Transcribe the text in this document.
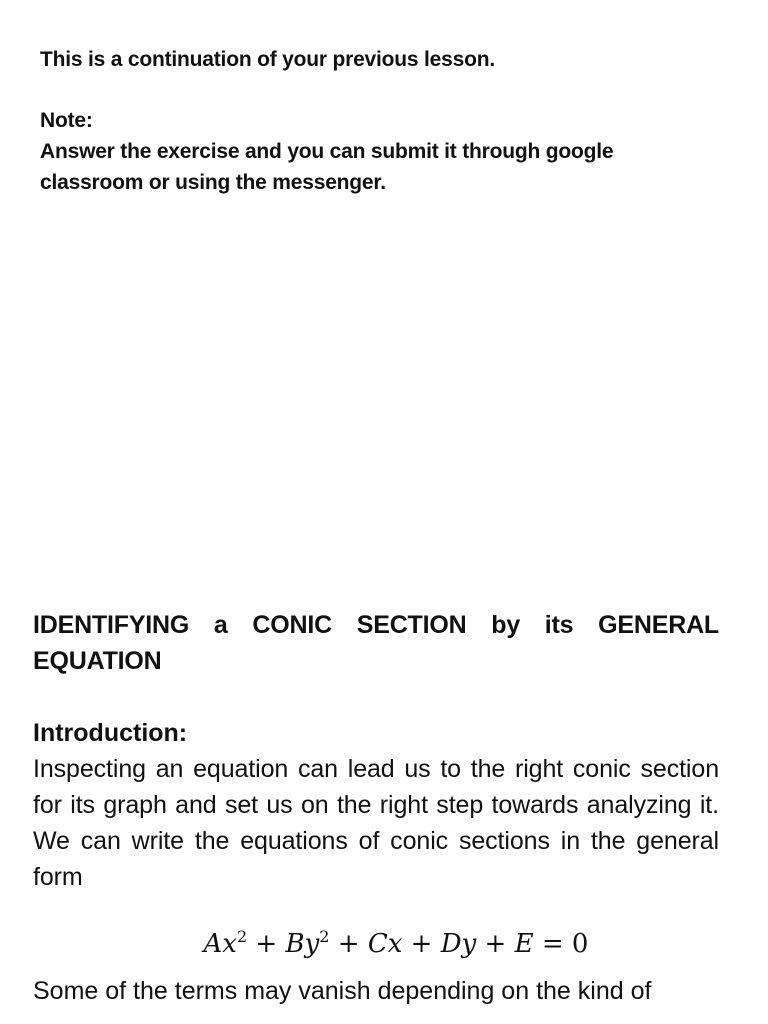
This is a continuation of your previous lesson.

Note:

Answer the exercise and you can submit it through google classroom or using the messenger.

IDENTIFYING a CONIC SECTION by its GENERAL EQUATION

Introduction:

Inspecting an equation can lead us to the right conic section for its graph and set us on the right step towards analyzing it. We can write the equations of conic sections in the general form

$Ax^2 + By^2 + Cx + Dy + E = 0$

Some of the terms may vanish depending on the kind of
